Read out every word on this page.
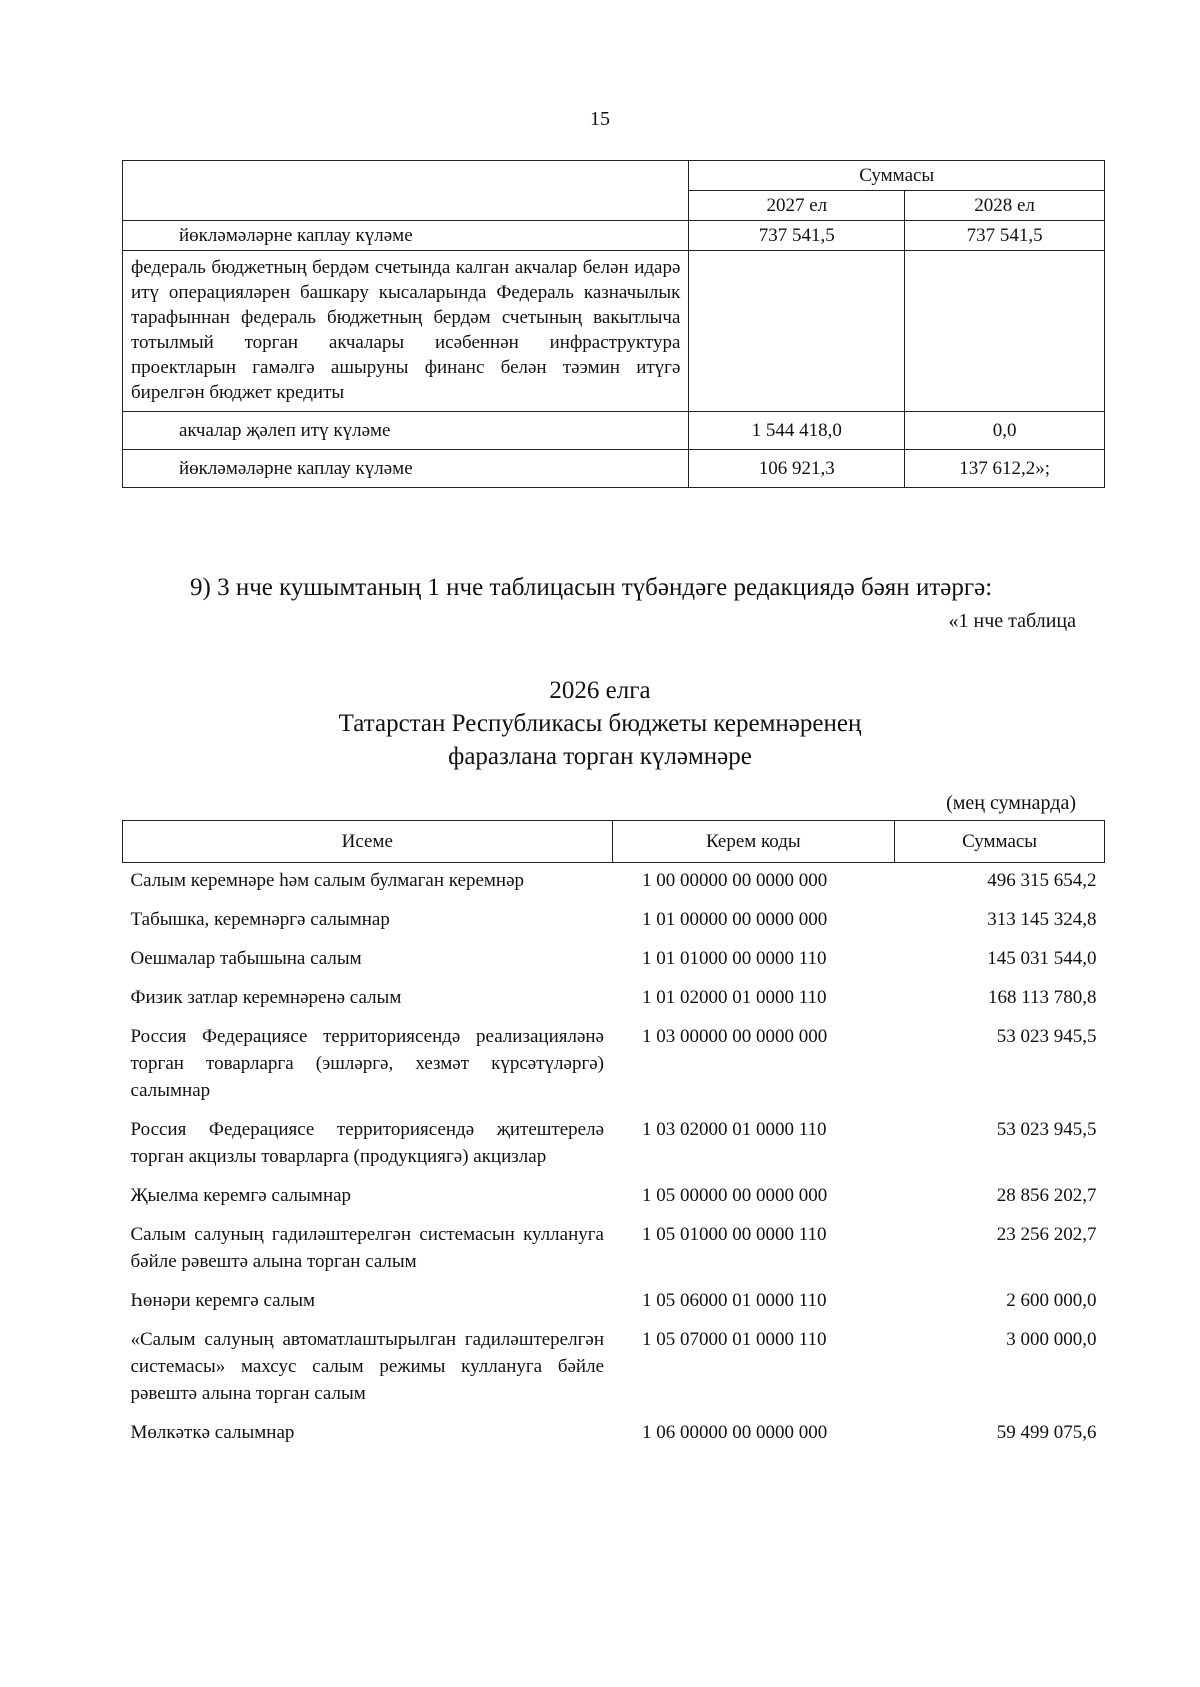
15
	Суммасы	
	2027 ел	2028 ел
йөкләмәләрне каплау күләме	737 541,5	737 541,5
федераль бюджетның бердәм счетында калган акчалар белән идарә итү операцияләрен башкару кысаларында Федераль казначылык тарафыннан федераль бюджетның бердәм счетының вакытлыча тотылмый торган акчалары исәбеннән инфраструктура проектларын гамәлгә ашыруны финанс белән тәэмин итүгә бирелгән бюджет кредиты		
акчалар җәлеп итү күләме	1 544 418,0	0,0
йөкләмәләрне каплау күләме	106 921,3	137 612,2»;
9) 3 нче кушымтаның 1 нче таблицасын түбәндәге редакциядә бәян итәргә:
«1 нче таблица
2026 елга
Татарстан Республикасы бюджеты керемнәренең
фаразлана торган күләмнәре
(мең сумнарда)
Исеме	Керем коды	Суммасы
Салым керемнәре һәм салым булмаган керемнәр	1 00 00000 00 0000 000	496 315 654,2
Табышка, керемнәргә салымнар	1 01 00000 00 0000 000	313 145 324,8
Оешмалар табышына салым	1 01 01000 00 0000 110	145 031 544,0
Физик затлар керемнәренә салым	1 01 02000 01 0000 110	168 113 780,8
Россия Федерациясе территориясендә реализацияләнә торган товарларга (эшләргә, хезмәт күрсәтүләргә) салымнар	1 03 00000 00 0000 000	53 023 945,5
Россия Федерациясе территориясендә җитештерелә торган акцизлы товарларга (продукциягә) акцизлар	1 03 02000 01 0000 110	53 023 945,5
Җыелма керемгә салымнар	1 05 00000 00 0000 000	28 856 202,7
Салым салуның гадиләштерелгән системасын куллануга бәйле рәвештә алына торган салым	1 05 01000 00 0000 110	23 256 202,7
Һөнәри керемгә салым	1 05 06000 01 0000 110	2 600 000,0
«Салым салуның автоматлаштырылган гадиләштерелгән системасы» махсус салым режимы куллануга бәйле рәвештә алына торган салым	1 05 07000 01 0000 110	3 000 000,0
Мөлкәткә салымнар	1 06 00000 00 0000 000	59 499 075,6
